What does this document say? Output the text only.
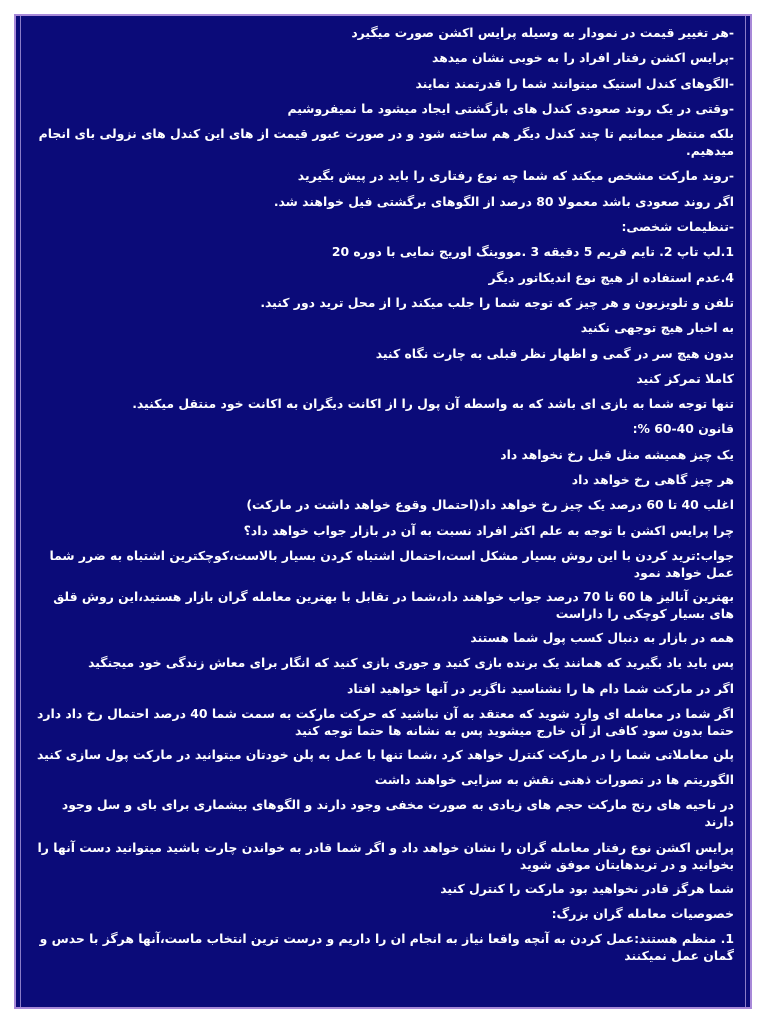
-هر تغییر قیمت در نمودار به وسیله پرایس اکشن صورت میگیرد
-پرایس اکشن رفتار افراد را به خوبی نشان میدهد
-الگوهای کندل استیک میتوانند شما را قدرتمند نمایند
-وقتی در یک روند صعودی کندل های بازگشتی ایجاد میشود ما نمیفروشیم
بلکه منتظر میمانیم تا چند کندل دیگر هم ساخته شود و در صورت عبور قیمت از های این کندل های نزولی بای انجام میدهیم.
-روند مارکت مشخص میکند که شما چه نوع رفتاری را باید در پیش بگیرید
اگر روند صعودی باشد معمولا 80 درصد از الگوهای برگشتی فیل خواهند شد.
-تنظیمات شخصی:
1.لپ تاپ 2. تایم فریم 5 دقیقه 3 .مووینگ اوریج نمایی با دوره 20
4.عدم استفاده از هیچ نوع اندیکاتور دیگر
تلفن و تلویزیون و هر چیز که توجه شما را جلب میکند را از محل ترید دور کنید.
به اخبار هیچ توجهی نکنید
بدون هیچ سر در گمی و اظهار نظر قبلی به چارت نگاه کنید
کاملا تمرکز کنید
تنها توجه شما به بازی ای باشد که به واسطه آن پول را از اکانت دیگران به اکانت خود منتقل میکنید.
قانون 40-60 %:
یک چیز همیشه مثل قبل رخ نخواهد داد
هر چیز گاهی رخ خواهد داد
اغلب 40 تا 60 درصد یک چیز رخ خواهد داد(احتمال وقوع خواهد داشت در مارکت)
چرا پرایس اکشن با توجه به علم اکثر افراد نسبت به آن در بازار جواب خواهد داد؟
جواب:ترید کردن با این روش بسیار مشکل است،احتمال اشتباه کردن بسیار بالاست،کوچکترین اشتباه به ضرر شما عمل خواهد نمود
بهترین آنالیز ها 60 تا 70 درصد جواب خواهند داد،شما در تقابل با بهترین معامله گران بازار هستید،این روش قلق های بسیار کوچکی را داراست
همه در بازار به دنبال کسب پول شما هستند
پس باید یاد بگیرید که همانند یک برنده بازی کنید و جوری بازی کنید که انگار برای معاش زندگی خود میجنگید
اگر در مارکت شما دام ها را نشناسید ناگزیر در آنها خواهید افتاد
اگر شما در معامله ای وارد شوید که معتقد به آن نباشید که حرکت مارکت به سمت شما 40 درصد احتمال رخ داد دارد حتما بدون سود کافی از آن خارج میشوید پس به نشانه ها حتما توجه کنید
پلن معاملاتی شما را در مارکت کنترل خواهد کرد ،شما تنها با عمل به پلن خودتان میتوانید در مارکت پول سازی کنید
الگوریتم ها در تصورات ذهنی نقش به سزایی خواهند داشت
در ناحیه های رنج مارکت حجم های زیادی به صورت مخفی وجود دارند و الگوهای بیشماری برای بای و سل وجود دارند
پرایس اکشن نوع رفتار معامله گران را نشان خواهد داد و اگر شما قادر به خواندن چارت باشید میتوانید دست آنها را بخوانید و در تریدهایتان موفق شوید
شما هرگز قادر نخواهید بود مارکت را کنترل کنید
خصوصیات معامله گران بزرگ:
1. منظم هستند:عمل کردن به آنچه واقعا نیاز به انجام ان را داریم و درست ترین انتخاب ماست،آنها هرگز با حدس و گمان عمل نمیکنند
